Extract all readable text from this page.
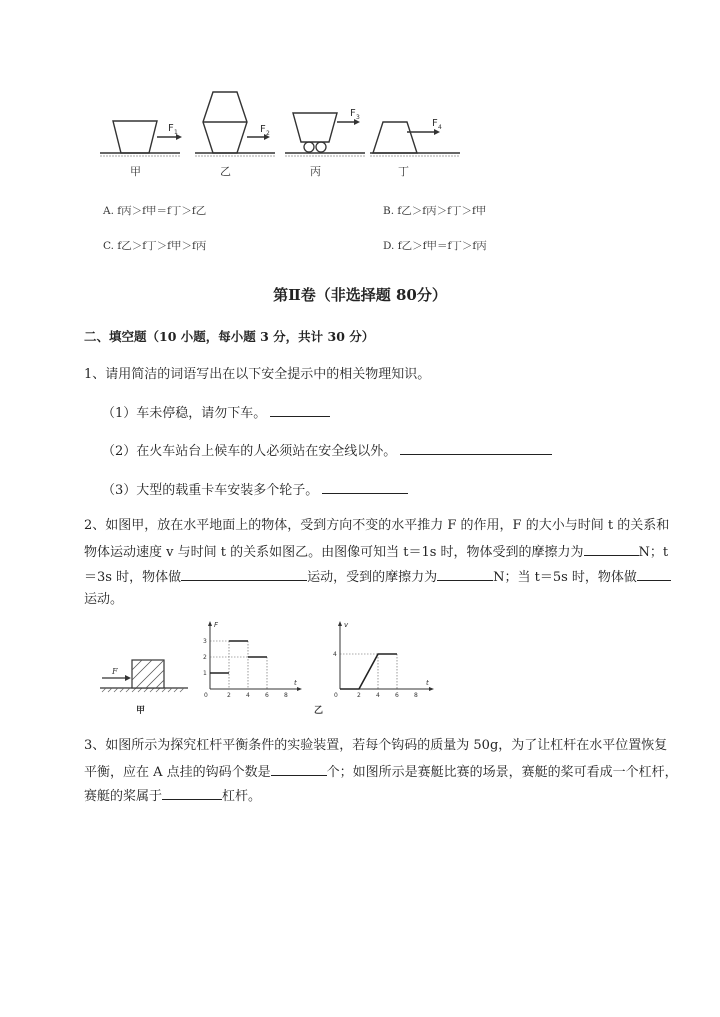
F 1	F 2
F 3
F 4
甲	乙	丙	丁
A. f丙＞f甲＝f丁＞f乙	B. f乙＞f丙＞f丁＞f甲
C. f乙＞f丁＞f甲＞f丙	D. f乙＞f甲＝f丁＞f丙
第Ⅱ卷（非选择题 80分）
二、填空题（10 小题，每小题 3 分，共计 30 分）
1、请用简洁的词语写出在以下安全提示中的相关物理知识。
（1）车未停稳，请勿下车。
（2）在火车站台上候车的人必须站在安全线以外。
（3）大型的载重卡车安装多个轮子。
2、如图甲，放在水平地面上的物体，受到方向不变的水平推力 F 的作用，F 的大小与时间 t 的关系和
物体运动速度 v 与时间 t 的关系如图乙。由图像可知当 t＝1s 时，物体受到的摩擦力为	N；t
＝3s 时，物体做	运动，受到的摩擦力为	N；当 t＝5s 时，物体做
运动。
F
甲
F
t
0	2	4	6	8
1
2
3
v
t
0	2	4	6	8
4
乙
3、如图所示为探究杠杆平衡条件的实验装置，若每个钩码的质量为 50g，为了让杠杆在水平位置恢复
平衡，应在 A 点挂的钩码个数是	个；如图所示是赛艇比赛的场景，赛艇的桨可看成一个杠杆，
赛艇的桨属于	杠杆。
